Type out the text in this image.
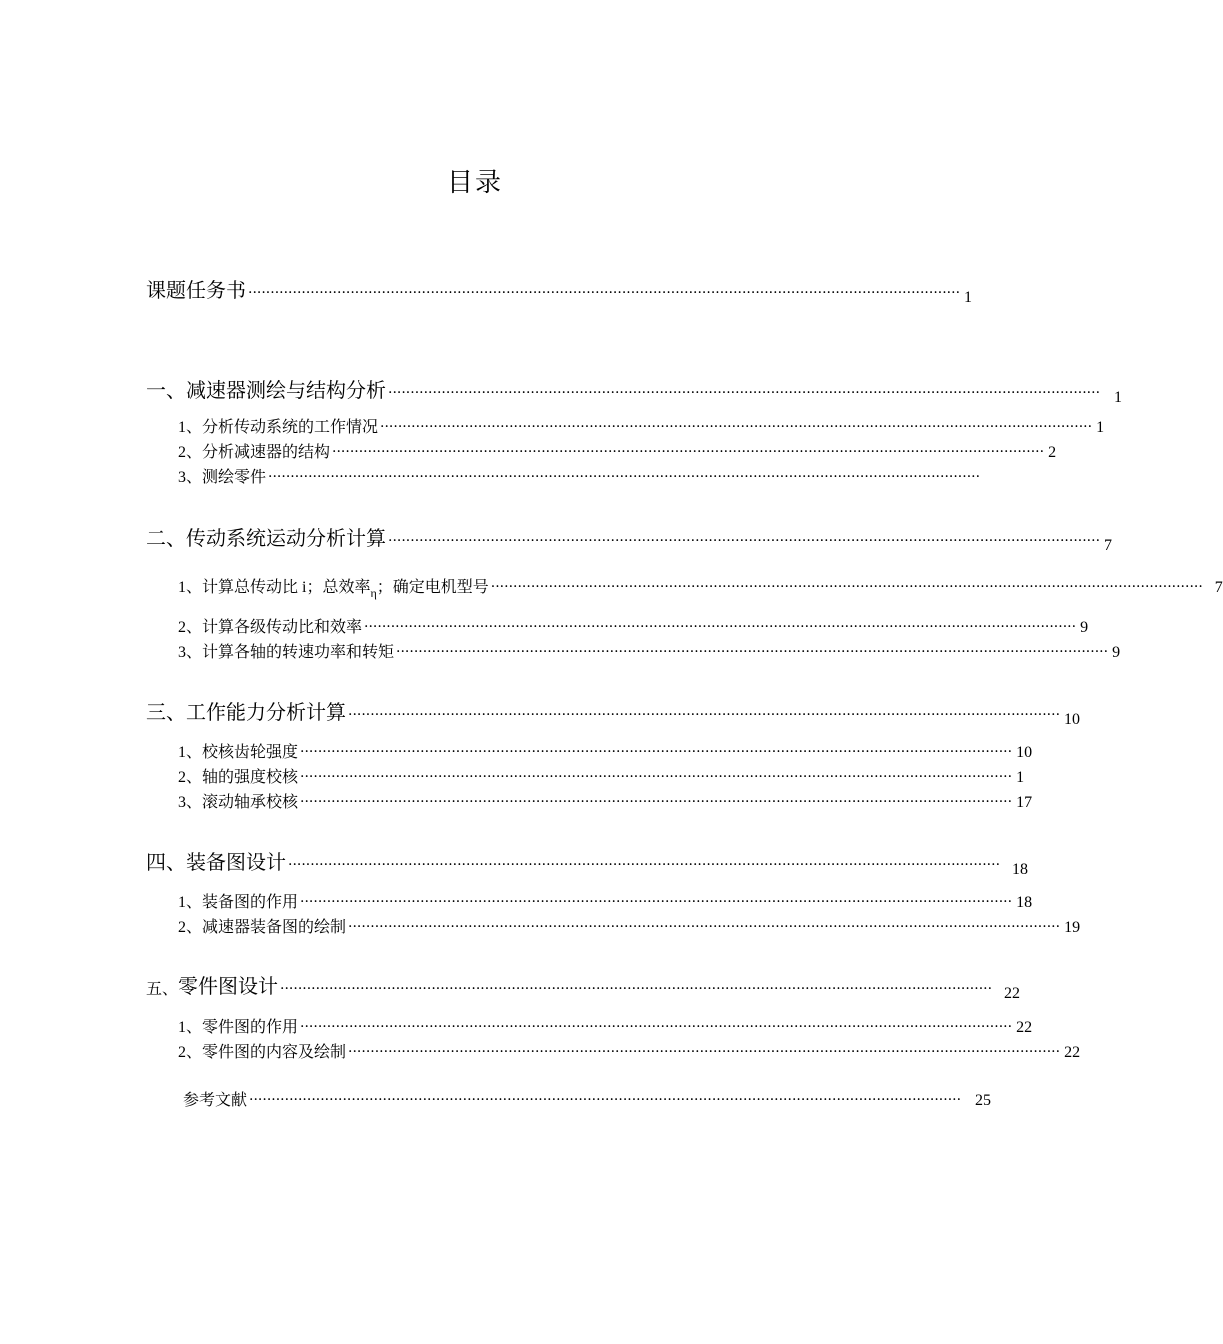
目录
课题任务书 ································································································································································ 1
一、 减速器测绘与结构分析 ································································································································································ 1
1、 分析传动系统的工作情况 ································································································································································ 1
2、 分析减速器的结构 ································································································································································ 2
3、 测绘零件 ································································································································································
二、 传动系统运动分析计算 ································································································································································ 7
1、 计算总传动比 i；总效率 η ；确定电机型号 ································································································································································ 7
2、 计算各级传动比和效率 ································································································································································ 9
3、 计算各轴的转速功率和转矩 ································································································································································ 9
三、 工作能力分析计算 ································································································································································ 10
1、 校核齿轮强度 ································································································································································ 10
2、 轴的强度校核 ································································································································································ 1
3、 滚动轴承校核 ································································································································································ 17
四、 装备图设计 ································································································································································ 18
1、 装备图的作用 ································································································································································ 18
2、 减速器装备图的绘制 ································································································································································ 19
五、 零件图设计 ································································································································································ 22
1、 零件图的作用 ································································································································································ 22
2、 零件图的内容及绘制 ································································································································································ 22
参考文献 ································································································································································ 25
